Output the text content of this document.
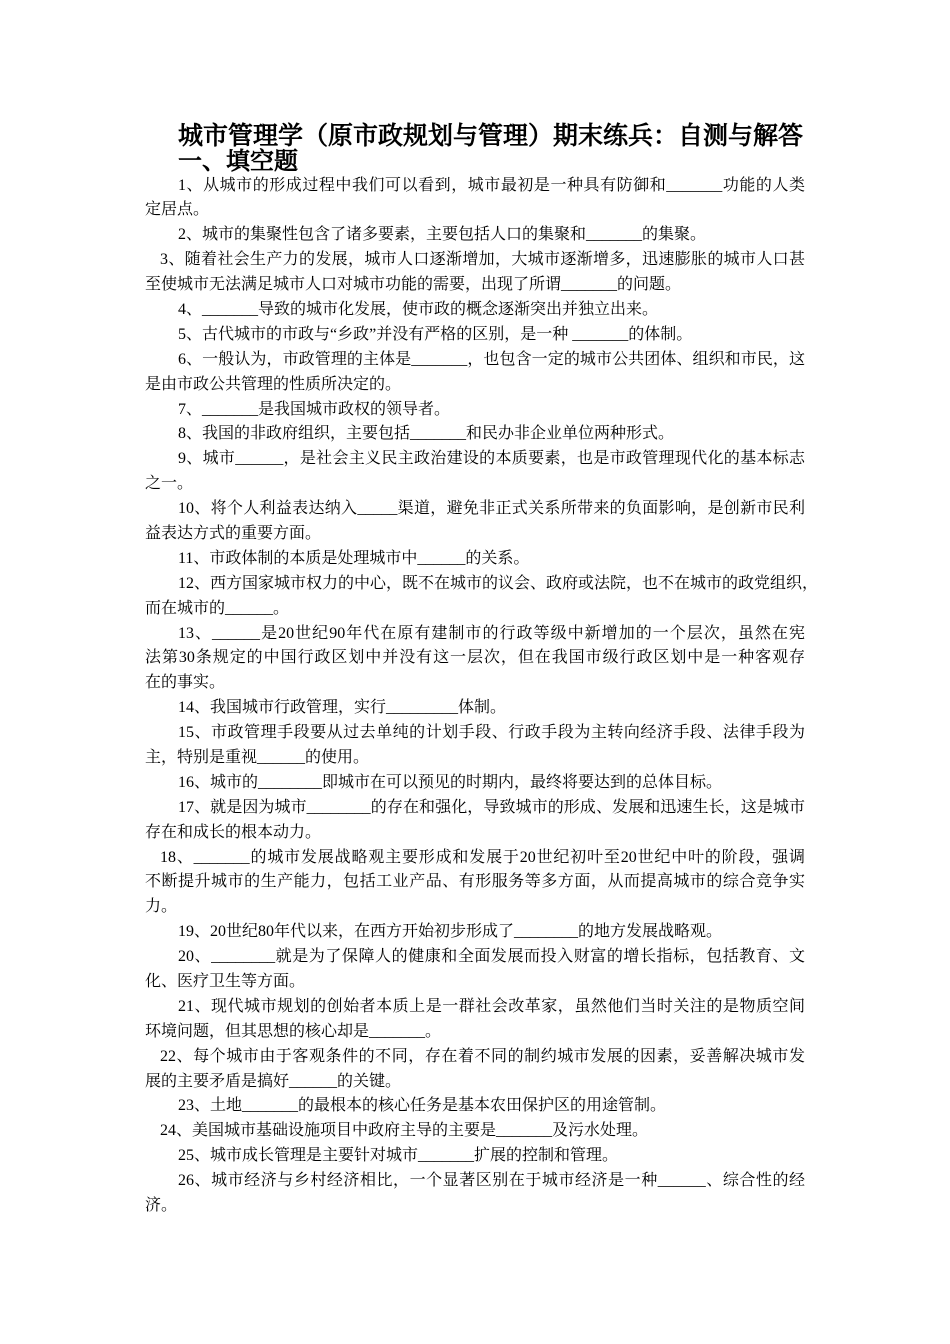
城市管理学（原市政规划与管理）期末练兵：自测与解答
一、填空题
1、从城市的形成过程中我们可以看到，城市最初是一种具有防御和_______功能的人类
定居点。
2、城市的集聚性包含了诸多要素，主要包括人口的集聚和_______的集聚。
3、随着社会生产力的发展，城市人口逐渐增加，大城市逐渐增多，迅速膨胀的城市人口甚
至使城市无法满足城市人口对城市功能的需要，出现了所谓_______的问题。
4、_______导致的城市化发展，使市政的概念逐渐突出并独立出来。
5、古代城市的市政与“乡政”并没有严格的区别，是一种 _______的体制。
6、一般认为，市政管理的主体是_______，也包含一定的城市公共团体、组织和市民，这
是由市政公共管理的性质所决定的。
7、_______是我国城市政权的领导者。
8、我国的非政府组织，主要包括_______和民办非企业单位两种形式。
9、城市______，是社会主义民主政治建设的本质要素，也是市政管理现代化的基本标志
之一。
10、将个人利益表达纳入_____渠道，避免非正式关系所带来的负面影响，是创新市民利
益表达方式的重要方面。
11、市政体制的本质是处理城市中______的关系。
12、西方国家城市权力的中心，既不在城市的议会、政府或法院，也不在城市的政党组织，
而在城市的______。
13、______是20世纪90年代在原有建制市的行政等级中新增加的一个层次，虽然在宪
法第30条规定的中国行政区划中并没有这一层次，但在我国市级行政区划中是一种客观存
在的事实。
14、我国城市行政管理，实行_________体制。
15、市政管理手段要从过去单纯的计划手段、行政手段为主转向经济手段、法律手段为
主，特别是重视______的使用。
16、城市的________即城市在可以预见的时期内，最终将要达到的总体目标。
17、就是因为城市________的存在和强化，导致城市的形成、发展和迅速生长，这是城市
存在和成长的根本动力。
18、_______的城市发展战略观主要形成和发展于20世纪初叶至20世纪中叶的阶段，强调
不断提升城市的生产能力，包括工业产品、有形服务等多方面，从而提高城市的综合竞争实
力。
19、20世纪80年代以来，在西方开始初步形成了________的地方发展战略观。
20、________就是为了保障人的健康和全面发展而投入财富的增长指标，包括教育、文
化、医疗卫生等方面。
21、现代城市规划的创始者本质上是一群社会改革家，虽然他们当时关注的是物质空间
环境问题，但其思想的核心却是_______。
22、每个城市由于客观条件的不同，存在着不同的制约城市发展的因素，妥善解决城市发
展的主要矛盾是搞好______的关键。
23、土地_______的最根本的核心任务是基本农田保护区的用途管制。
24、美国城市基础设施项目中政府主导的主要是_______及污水处理。
25、城市成长管理是主要针对城市_______扩展的控制和管理。
26、城市经济与乡村经济相比，一个显著区别在于城市经济是一种______、综合性的经
济。
